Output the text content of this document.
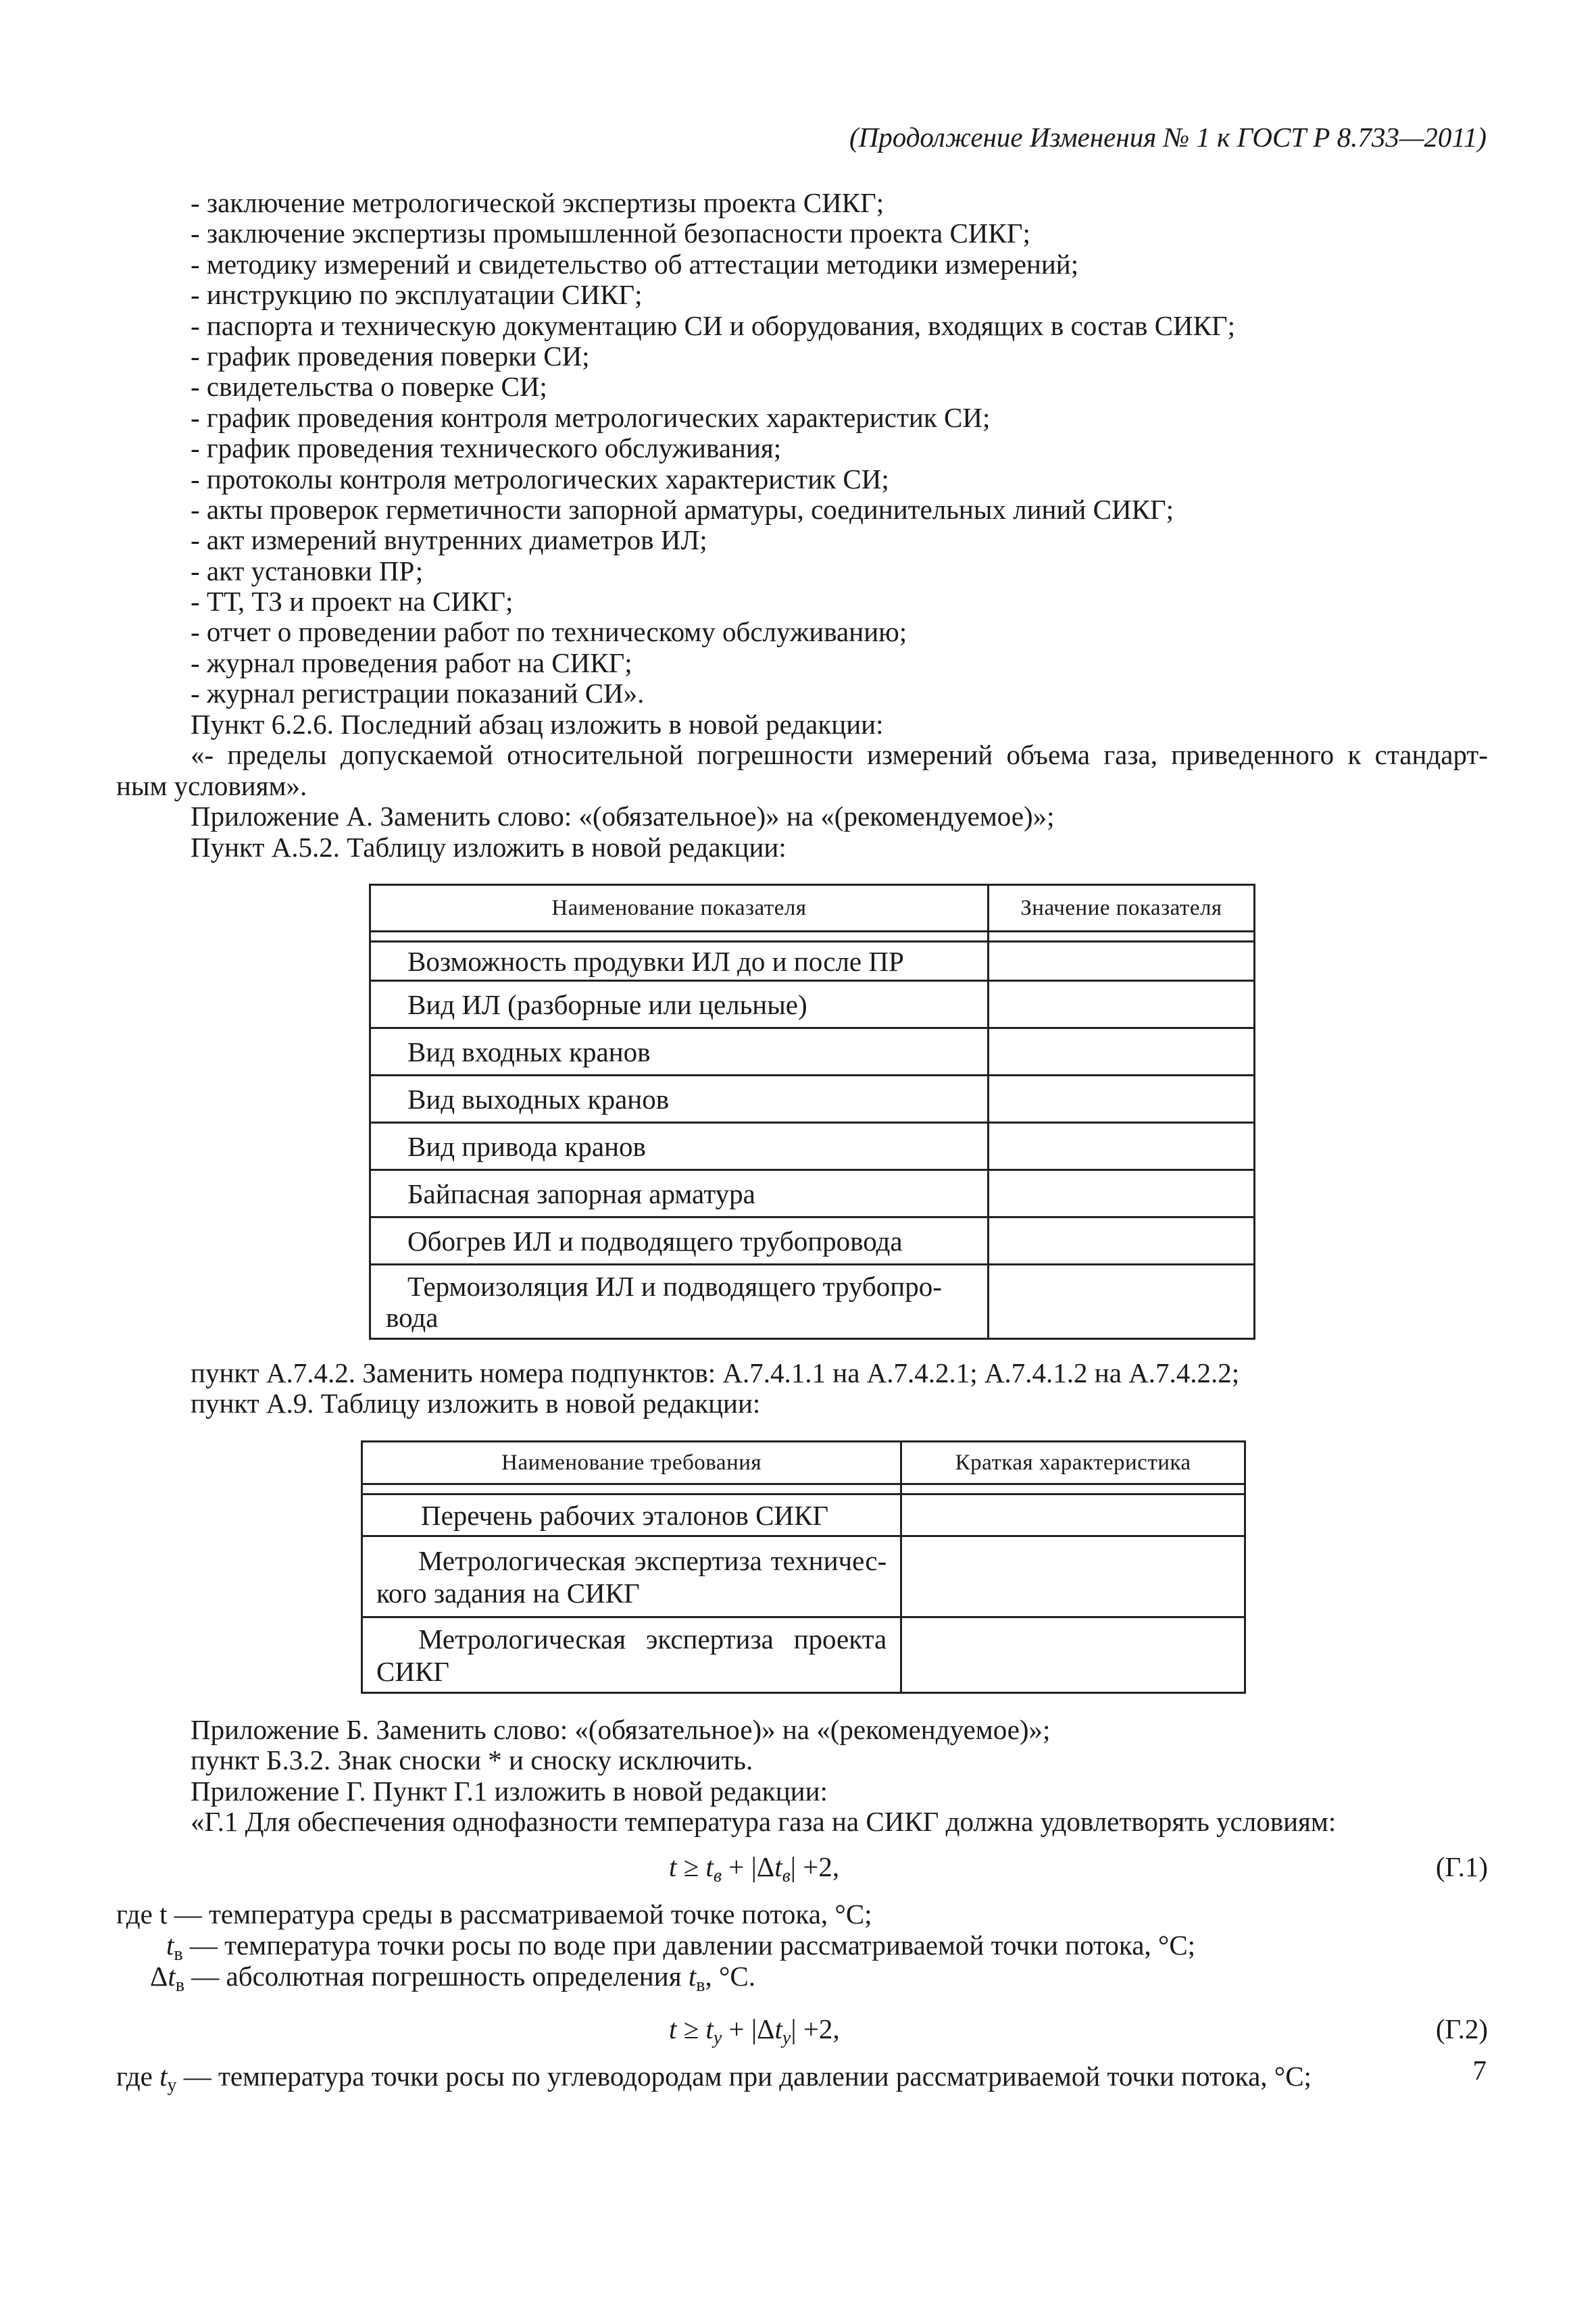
(Продолжение Изменения № 1 к ГОСТ Р 8.733—2011)
- заключение метрологической экспертизы проекта СИКГ;
- заключение экспертизы промышленной безопасности проекта СИКГ;
- методику измерений и свидетельство об аттестации методики измерений;
- инструкцию по эксплуатации СИКГ;
- паспорта и техническую документацию СИ и оборудования, входящих в состав СИКГ;
- график проведения поверки СИ;
- свидетельства о поверке СИ;
- график проведения контроля метрологических характеристик СИ;
- график проведения технического обслуживания;
- протоколы контроля метрологических характеристик СИ;
- акты проверок герметичности запорной арматуры, соединительных линий СИКГ;
- акт измерений внутренних диаметров ИЛ;
- акт установки ПР;
- ТТ, ТЗ и проект на СИКГ;
- отчет о проведении работ по техническому обслуживанию;
- журнал проведения работ на СИКГ;
- журнал регистрации показаний СИ».
Пункт 6.2.6. Последний абзац изложить в новой редакции:
«- пределы допускаемой относительной погрешности измерений объема газа, приведенного к стандарт-
ным условиям».
Приложение А. Заменить слово: «(обязательное)» на «(рекомендуемое)»;
Пункт А.5.2. Таблицу изложить в новой редакции:
Наименование показателя	Значение показателя

Возможность продувки ИЛ до и после ПР	
Вид ИЛ (разборные или цельные)	
Вид входных кранов	
Вид выходных кранов	
Вид привода кранов	
Байпасная запорная арматура	
Обогрев ИЛ и подводящего трубопровода	

Термоизоляция ИЛ и подводящего трубопро-
вода	

пункт А.7.4.2. Заменить номера подпунктов: А.7.4.1.1 на А.7.4.2.1; А.7.4.1.2 на А.7.4.2.2;
пункт А.9. Таблицу изложить в новой редакции:
Наименование требования	Краткая характеристика

Перечень рабочих эталонов СИКГ	

Метрологическая экспертиза техничес-
кого задания на СИКГ	

Метрологическая экспертиза проекта
СИКГ	

Приложение Б. Заменить слово: «(обязательное)» на «(рекомендуемое)»;
пункт Б.3.2. Знак сноски * и сноску исключить.
Приложение Г. Пункт Г.1 изложить в новой редакции:
«Г.1 Для обеспечения однофазности температура газа на СИКГ должна удовлетворять условиям:
$t \ge t_в + |\Delta t_в| +2$,	(Г.1)
где t — температура среды в рассматриваемой точке потока, °С;
$t_в$ — температура точки росы по воде при давлении рассматриваемой точки потока, °С;
$\Delta t_в$ — абсолютная погрешность определения $t_в$, °С.
$t \ge t_у + |\Delta t_у| +2$,	(Г.2)
где $t_у$ — температура точки росы по углеводородам при давлении рассматриваемой точки потока, °С;	7
